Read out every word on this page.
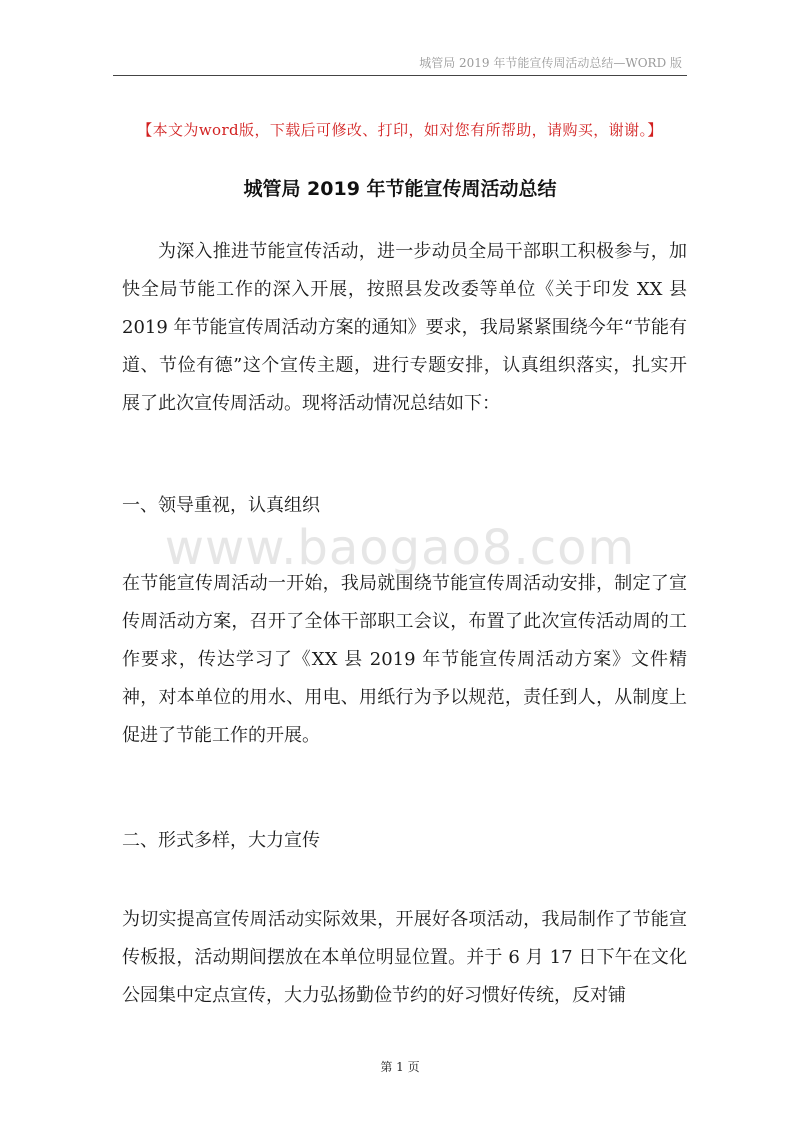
城管局 2019 年节能宣传周活动总结—WORD 版
【本文为word版，下载后可修改、打印，如对您有所帮助，请购买，谢谢。】
城管局 2019 年节能宣传周活动总结
为深入推进节能宣传活动，进一步动员全局干部职工积极参与，加快全局节能工作的深入开展，按照县发改委等单位《关于印发 XX 县 2019 年节能宣传周活动方案的通知》要求，我局紧紧围绕今年“节能有道、节俭有德”这个宣传主题，进行专题安排，认真组织落实，扎实开展了此次宣传周活动。现将活动情况总结如下：
一、领导重视，认真组织
www.baogao8.com
在节能宣传周活动一开始，我局就围绕节能宣传周活动安排，制定了宣传周活动方案，召开了全体干部职工会议，布置了此次宣传活动周的工作要求，传达学习了《XX 县 2019 年节能宣传周活动方案》文件精神，对本单位的用水、用电、用纸行为予以规范，责任到人，从制度上促进了节能工作的开展。
二、形式多样，大力宣传
为切实提高宣传周活动实际效果，开展好各项活动，我局制作了节能宣传板报，活动期间摆放在本单位明显位置。并于 6 月 17 日下午在文化公园集中定点宣传，大力弘扬勤俭节约的好习惯好传统，反对铺
第 1 页
